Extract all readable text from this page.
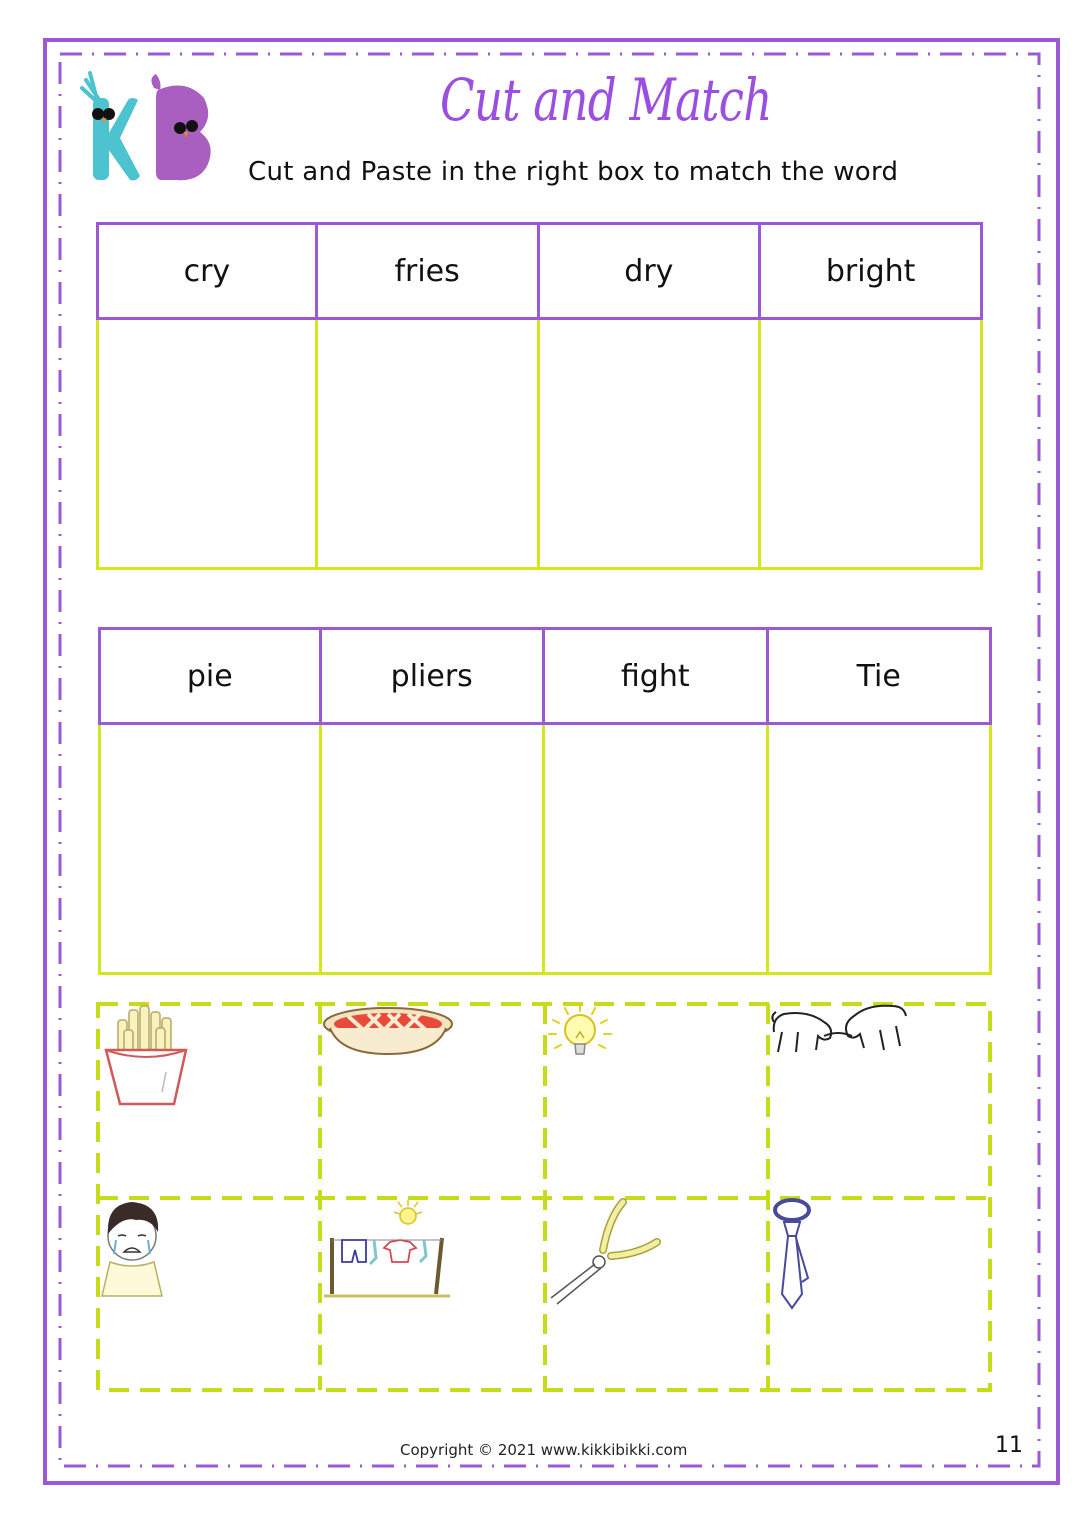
Cut and Match
Cut and Paste in the right box to match the word
cry	fries	dry	bright
pie	pliers	fight	Tie
Copyright © 2021 www.kikkibikki.com	11
